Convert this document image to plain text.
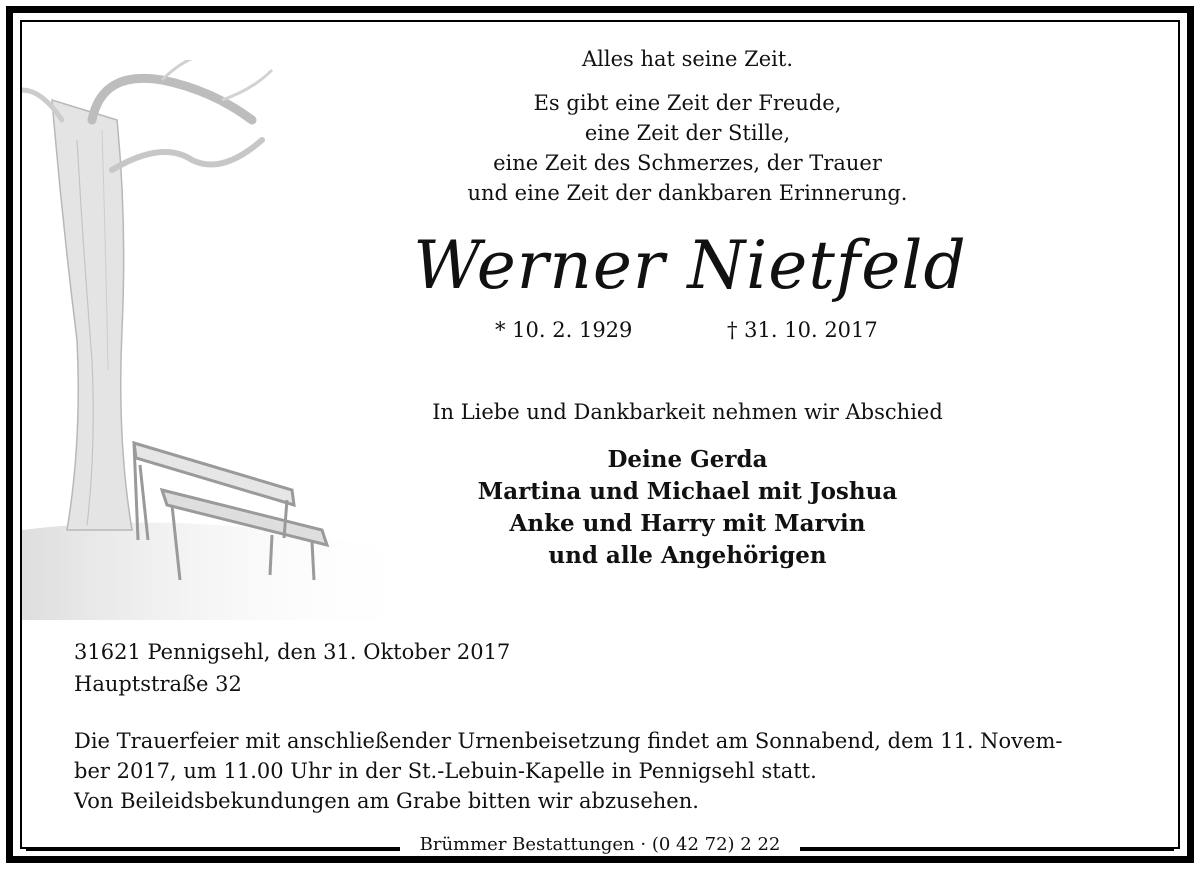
Alles hat seine Zeit.
Es gibt eine Zeit der Freude,
eine Zeit der Stille,
eine Zeit des Schmerzes, der Trauer
und eine Zeit der dankbaren Erinnerung.
Werner Nietfeld
* 10. 2. 1929	† 31. 10. 2017
In Liebe und Dankbarkeit nehmen wir Abschied
Deine Gerda
Martina und Michael mit Joshua
Anke und Harry mit Marvin
und alle Angehörigen
31621 Pennigsehl, den 31. Oktober 2017
Hauptstraße 32
Die Trauerfeier mit anschließender Urnenbeisetzung findet am Sonnabend, dem 11. Novem-
ber 2017, um 11.00 Uhr in der St.-Lebuin-Kapelle in Pennigsehl statt.
Von Beileidsbekundungen am Grabe bitten wir abzusehen.
Brümmer Bestattungen · (0 42 72) 2 22
